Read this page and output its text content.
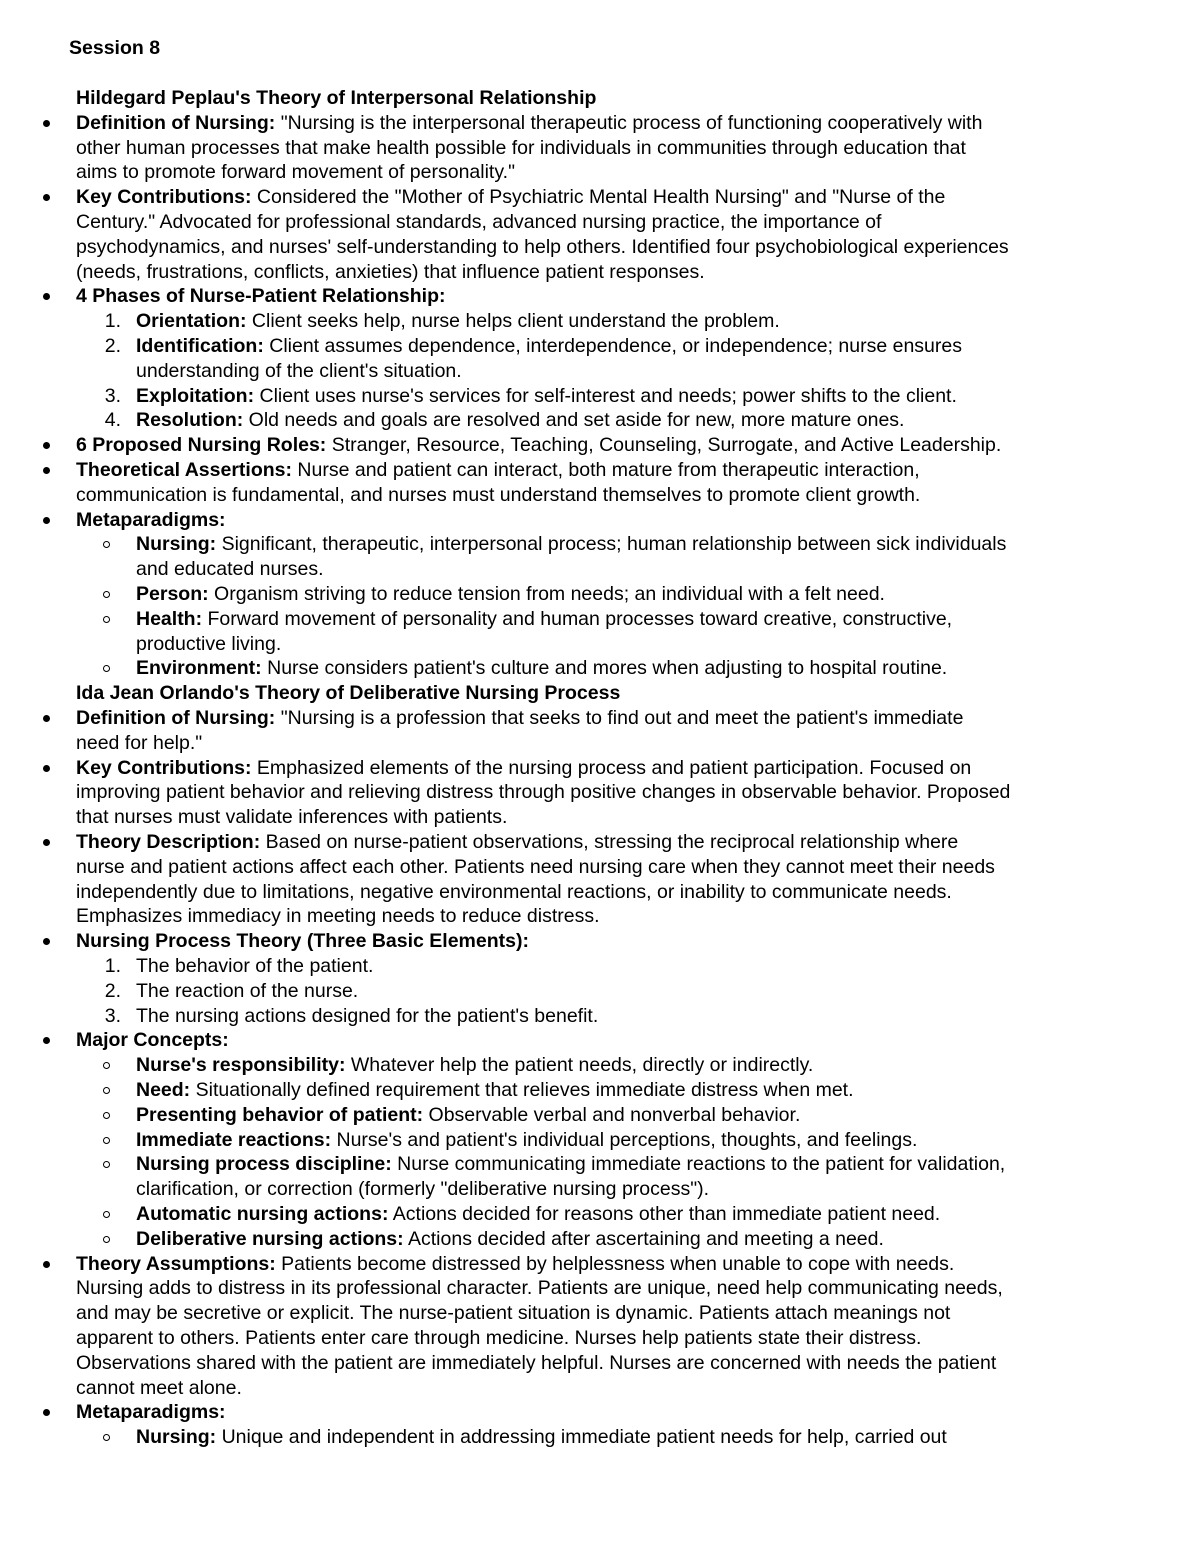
Session 8
Hildegard Peplau's Theory of Interpersonal Relationship
Definition of Nursing: "Nursing is the interpersonal therapeutic process of functioning cooperatively with
other human processes that make health possible for individuals in communities through education that
aims to promote forward movement of personality."
Key Contributions: Considered the "Mother of Psychiatric Mental Health Nursing" and "Nurse of the
Century." Advocated for professional standards, advanced nursing practice, the importance of
psychodynamics, and nurses' self-understanding to help others. Identified four psychobiological experiences
(needs, frustrations, conflicts, anxieties) that influence patient responses.
4 Phases of Nurse-Patient Relationship:
1. Orientation: Client seeks help, nurse helps client understand the problem.
2. Identification: Client assumes dependence, interdependence, or independence; nurse ensures
understanding of the client's situation.
3. Exploitation: Client uses nurse's services for self-interest and needs; power shifts to the client.
4. Resolution: Old needs and goals are resolved and set aside for new, more mature ones.
6 Proposed Nursing Roles: Stranger, Resource, Teaching, Counseling, Surrogate, and Active Leadership.
Theoretical Assertions: Nurse and patient can interact, both mature from therapeutic interaction,
communication is fundamental, and nurses must understand themselves to promote client growth.
Metaparadigms:
Nursing: Significant, therapeutic, interpersonal process; human relationship between sick individuals
and educated nurses.
Person: Organism striving to reduce tension from needs; an individual with a felt need.
Health: Forward movement of personality and human processes toward creative, constructive,
productive living.
Environment: Nurse considers patient's culture and mores when adjusting to hospital routine.
Ida Jean Orlando's Theory of Deliberative Nursing Process
Definition of Nursing: "Nursing is a profession that seeks to find out and meet the patient's immediate
need for help."
Key Contributions: Emphasized elements of the nursing process and patient participation. Focused on
improving patient behavior and relieving distress through positive changes in observable behavior. Proposed
that nurses must validate inferences with patients.
Theory Description: Based on nurse-patient observations, stressing the reciprocal relationship where
nurse and patient actions affect each other. Patients need nursing care when they cannot meet their needs
independently due to limitations, negative environmental reactions, or inability to communicate needs.
Emphasizes immediacy in meeting needs to reduce distress.
Nursing Process Theory (Three Basic Elements):
1. The behavior of the patient.
2. The reaction of the nurse.
3. The nursing actions designed for the patient's benefit.
Major Concepts:
Nurse's responsibility: Whatever help the patient needs, directly or indirectly.
Need: Situationally defined requirement that relieves immediate distress when met.
Presenting behavior of patient: Observable verbal and nonverbal behavior.
Immediate reactions: Nurse's and patient's individual perceptions, thoughts, and feelings.
Nursing process discipline: Nurse communicating immediate reactions to the patient for validation,
clarification, or correction (formerly "deliberative nursing process").
Automatic nursing actions: Actions decided for reasons other than immediate patient need.
Deliberative nursing actions: Actions decided after ascertaining and meeting a need.
Theory Assumptions: Patients become distressed by helplessness when unable to cope with needs.
Nursing adds to distress in its professional character. Patients are unique, need help communicating needs,
and may be secretive or explicit. The nurse-patient situation is dynamic. Patients attach meanings not
apparent to others. Patients enter care through medicine. Nurses help patients state their distress.
Observations shared with the patient are immediately helpful. Nurses are concerned with needs the patient
cannot meet alone.
Metaparadigms:
Nursing: Unique and independent in addressing immediate patient needs for help, carried out
